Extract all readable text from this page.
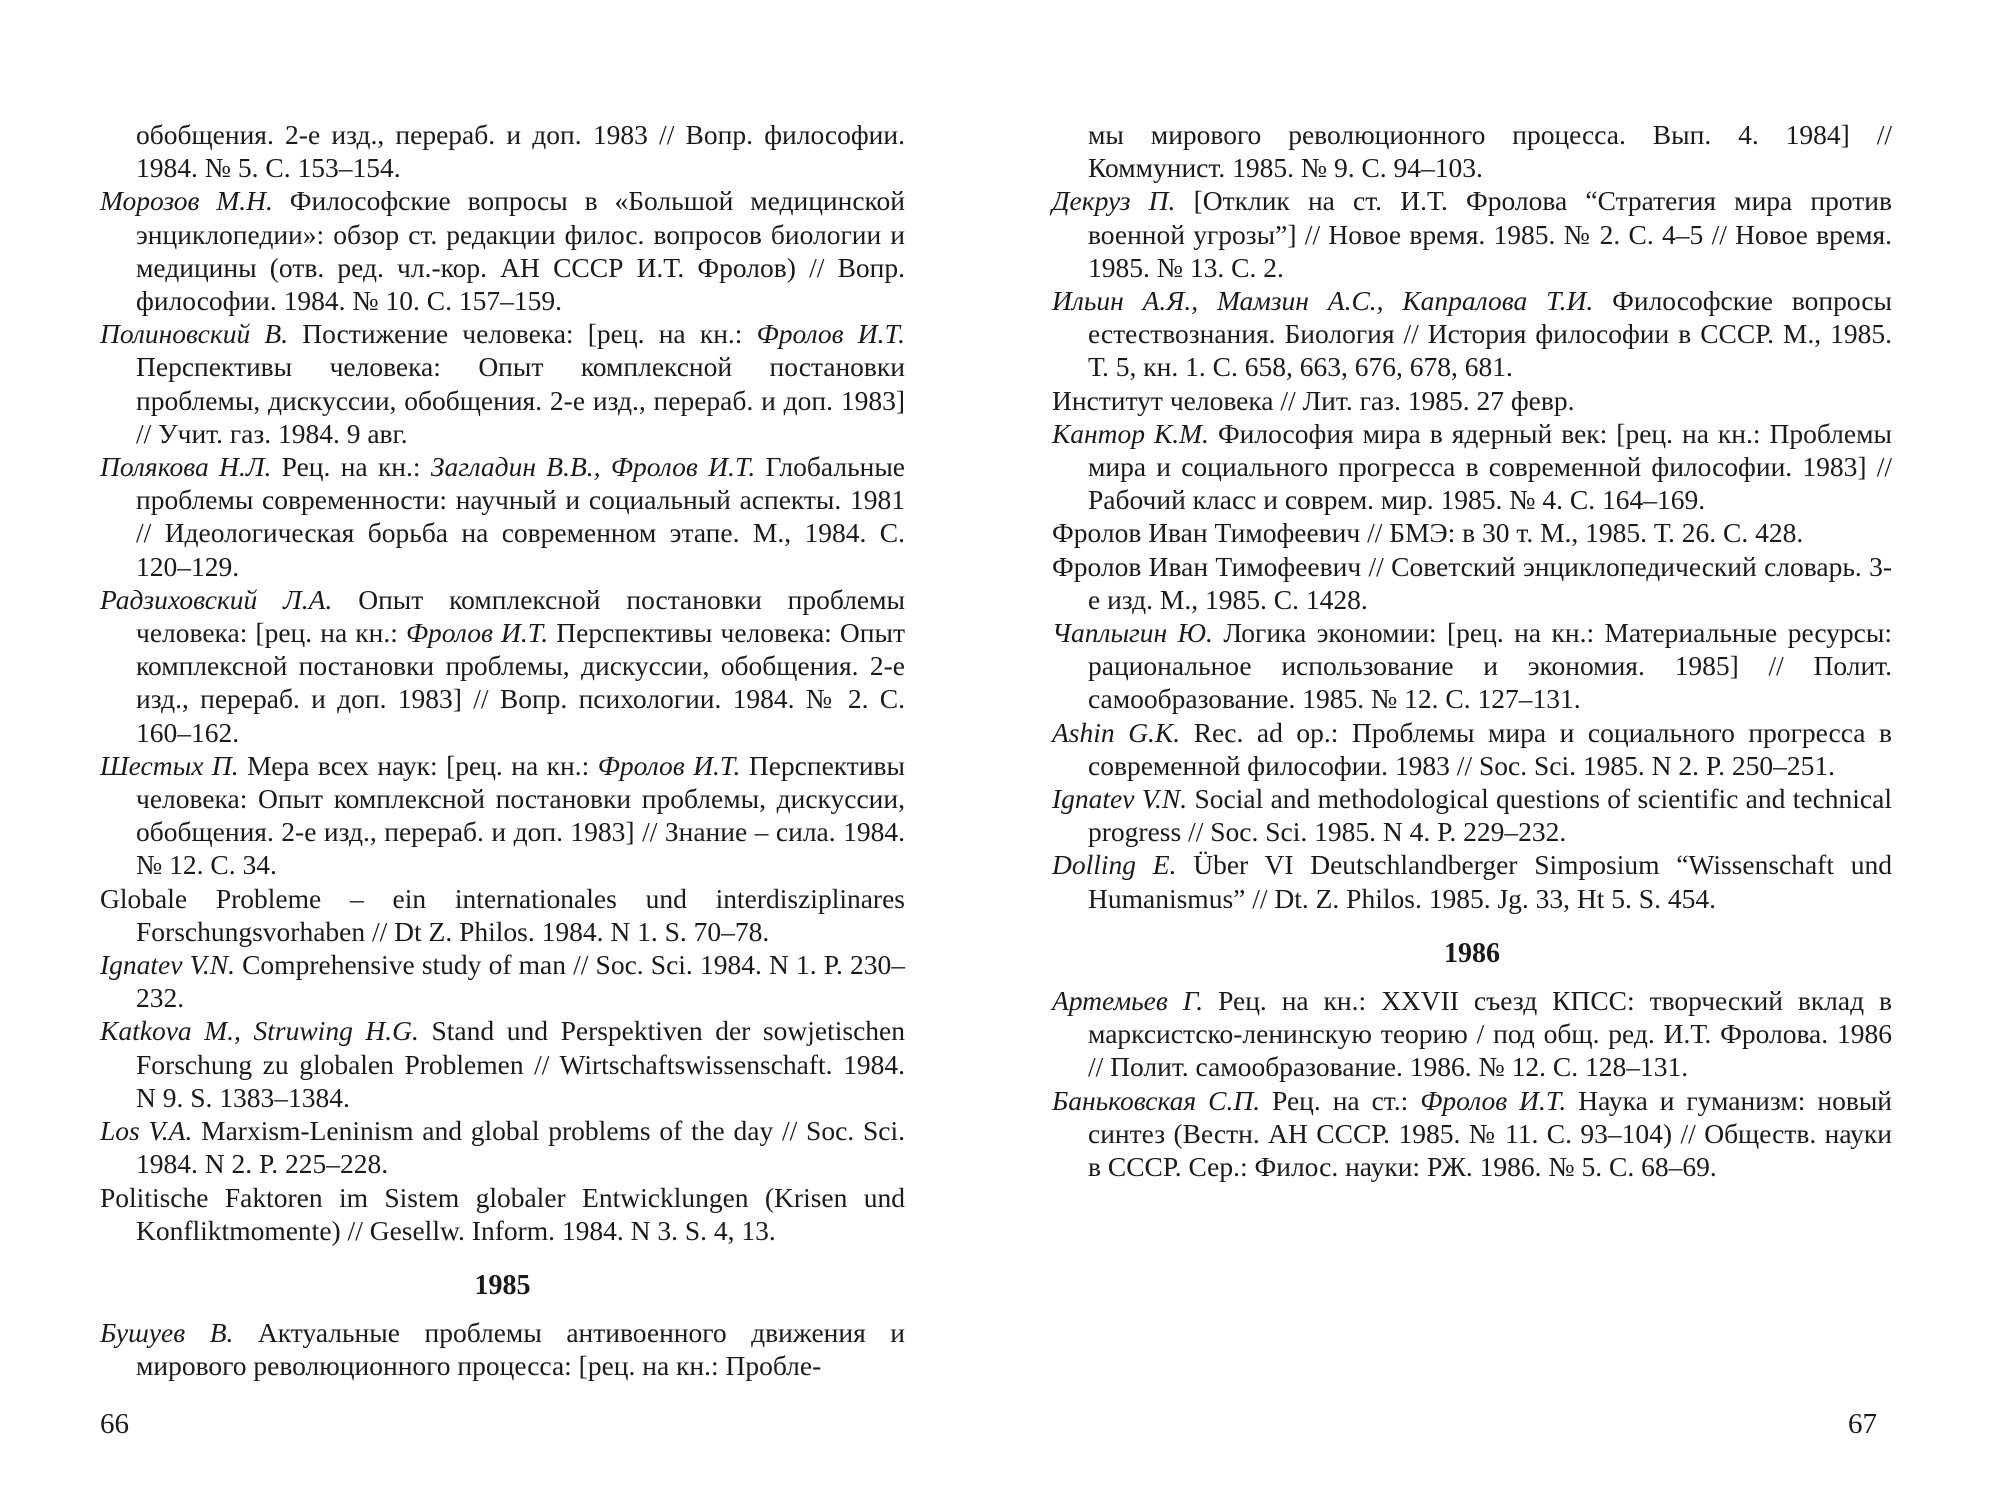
обобщения. 2-е изд., перераб. и доп. 1983 // Вопр. философии. 1984. № 5. С. 153–154.

Морозов М.Н. Философские вопросы в «Большой медицинской энциклопедии»: обзор ст. редакции филос. вопросов биологии и медицины (отв. ред. чл.-кор. АН СССР И.Т. Фролов) // Вопр. философии. 1984. № 10. С. 157–159.

Полиновский В. Постижение человека: [рец. на кн.: Фролов И.Т. Перспективы человека: Опыт комплексной постановки проблемы, дискуссии, обобщения. 2-е изд., перераб. и доп. 1983] // Учит. газ. 1984. 9 авг.

Полякова Н.Л. Рец. на кн.: Загладин В.В., Фролов И.Т. Глобальные проблемы современности: научный и социальный аспекты. 1981 // Идеологическая борьба на современном этапе. М., 1984. С. 120–129.

Радзиховский Л.А. Опыт комплексной постановки проблемы человека: [рец. на кн.: Фролов И.Т. Перспективы человека: Опыт комплексной постановки проблемы, дискуссии, обобщения. 2-е изд., перераб. и доп. 1983] // Вопр. психологии. 1984. № 2. С. 160–162.

Шестых П. Мера всех наук: [рец. на кн.: Фролов И.Т. Перспективы человека: Опыт комплексной постановки проблемы, дискуссии, обобщения. 2-е изд., перераб. и доп. 1983] // Знание – сила. 1984. № 12. С. 34.

Globale Probleme – ein internationales und interdisziplinares Forschungsvorhaben // Dt Z. Philos. 1984. N 1. S. 70–78.

Ignatev V.N. Comprehensive study of man // Soc. Sci. 1984. N 1. P. 230–232.

Katkova M., Struwing H.G. Stand und Perspektiven der sowjetischen Forschung zu globalen Problemen // Wirtschaftswissenschaft. 1984. N 9. S. 1383–1384.

Los V.A. Marxism-Leninism and global problems of the day // Soc. Sci. 1984. N 2. P. 225–228.

Politische Faktoren im Sistem globaler Entwicklungen (Krisen und Konfliktmomente) // Gesellw. Inform. 1984. N 3. S. 4, 13.

1985

Бушуев В. Актуальные проблемы антивоенного движения и мирового революционного процесса: [рец. на кн.: Пробле-

66

мы мирового революционного процесса. Вып. 4. 1984] // Коммунист. 1985. № 9. С. 94–103.

Декруз П. [Отклик на ст. И.Т. Фролова “Стратегия мира против военной угрозы”] // Новое время. 1985. № 2. С. 4–5 // Новое время. 1985. № 13. С. 2.

Ильин А.Я., Мамзин А.С., Капралова Т.И. Философские вопросы естествознания. Биология // История философии в СССР. М., 1985. Т. 5, кн. 1. С. 658, 663, 676, 678, 681.

Институт человека // Лит. газ. 1985. 27 февр.

Кантор К.М. Философия мира в ядерный век: [рец. на кн.: Проблемы мира и социального прогресса в современной философии. 1983] // Рабочий класс и соврем. мир. 1985. № 4. С. 164–169.

Фролов Иван Тимофеевич // БМЭ: в 30 т. М., 1985. Т. 26. С. 428.

Фролов Иван Тимофеевич // Советский энциклопедический словарь. 3-е изд. М., 1985. С. 1428.

Чаплыгин Ю. Логика экономии: [рец. на кн.: Материальные ресурсы: рациональное использование и экономия. 1985] // Полит. самообразование. 1985. № 12. С. 127–131.

Ashin G.K. Rec. ad op.: Проблемы мира и социального прогресса в современной философии. 1983 // Soc. Sci. 1985. N 2. P. 250–251.

Ignatev V.N. Social and methodological questions of scientific and technical progress // Soc. Sci. 1985. N 4. P. 229–232.

Dolling E. Über VI Deutschlandberger Simposium “Wissenschaft und Humanismus” // Dt. Z. Philos. 1985. Jg. 33, Ht 5. S. 454.

1986

Артемьев Г. Рец. на кн.: XXVII съезд КПСС: творческий вклад в марксистско-ленинскую теорию / под общ. ред. И.Т. Фролова. 1986 // Полит. самообразование. 1986. № 12. С. 128–131.

Баньковская С.П. Рец. на ст.: Фролов И.Т. Наука и гуманизм: новый синтез (Вестн. АН СССР. 1985. № 11. С. 93–104) // Обществ. науки в СССР. Сер.: Филос. науки: РЖ. 1986. № 5. С. 68–69.

67
